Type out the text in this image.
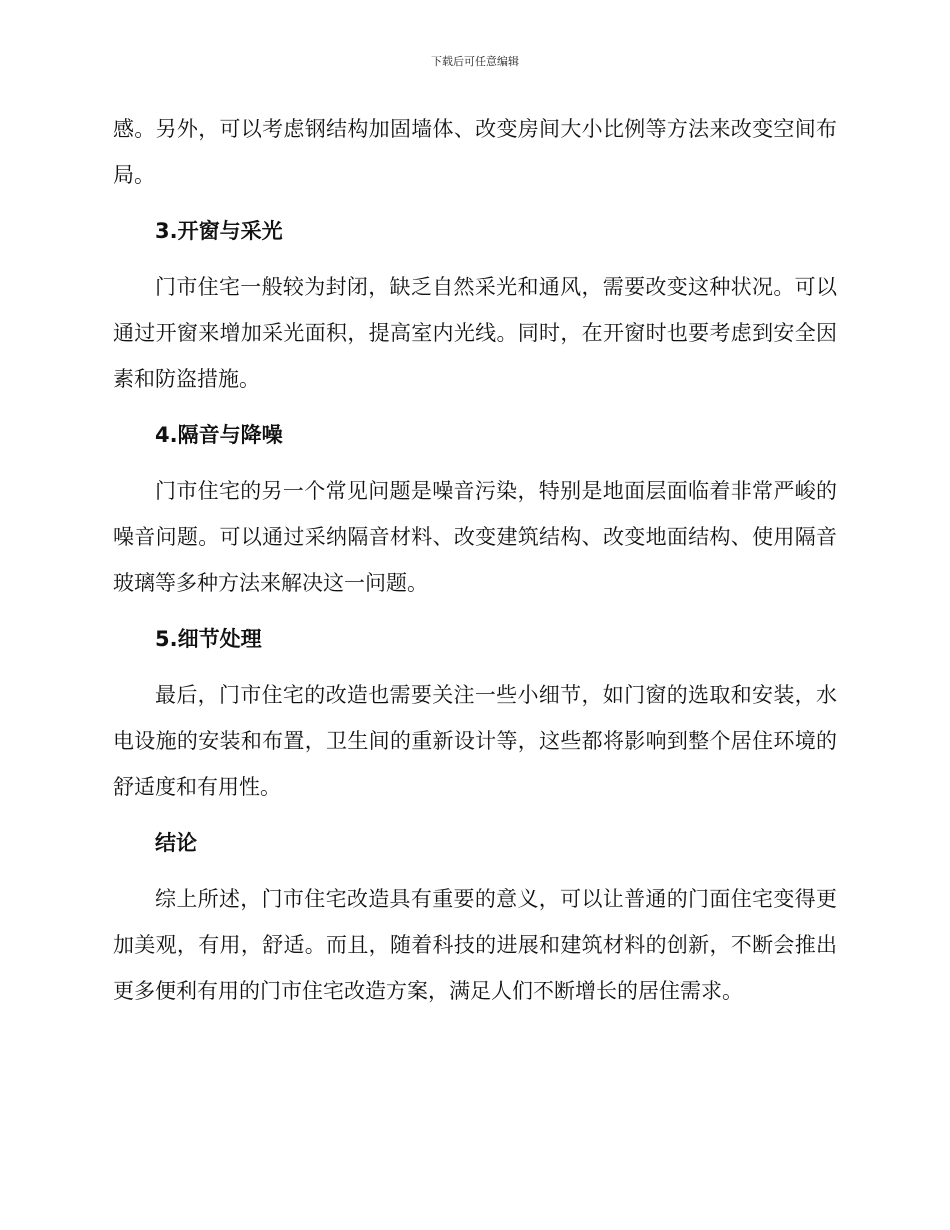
下载后可任意编辑

感。另外，可以考虑钢结构加固墙体、改变房间大小比例等方法来改变空间布局。

3.开窗与采光

门市住宅一般较为封闭，缺乏自然采光和通风，需要改变这种状况。可以通过开窗来增加采光面积，提高室内光线。同时，在开窗时也要考虑到安全因素和防盗措施。

4.隔音与降噪

门市住宅的另一个常见问题是噪音污染，特别是地面层面临着非常严峻的噪音问题。可以通过采纳隔音材料、改变建筑结构、改变地面结构、使用隔音玻璃等多种方法来解决这一问题。

5.细节处理

最后，门市住宅的改造也需要关注一些小细节，如门窗的选取和安装，水电设施的安装和布置，卫生间的重新设计等，这些都将影响到整个居住环境的舒适度和有用性。

结论

综上所述，门市住宅改造具有重要的意义，可以让普通的门面住宅变得更加美观，有用，舒适。而且，随着科技的进展和建筑材料的创新，不断会推出更多便利有用的门市住宅改造方案，满足人们不断增长的居住需求。
